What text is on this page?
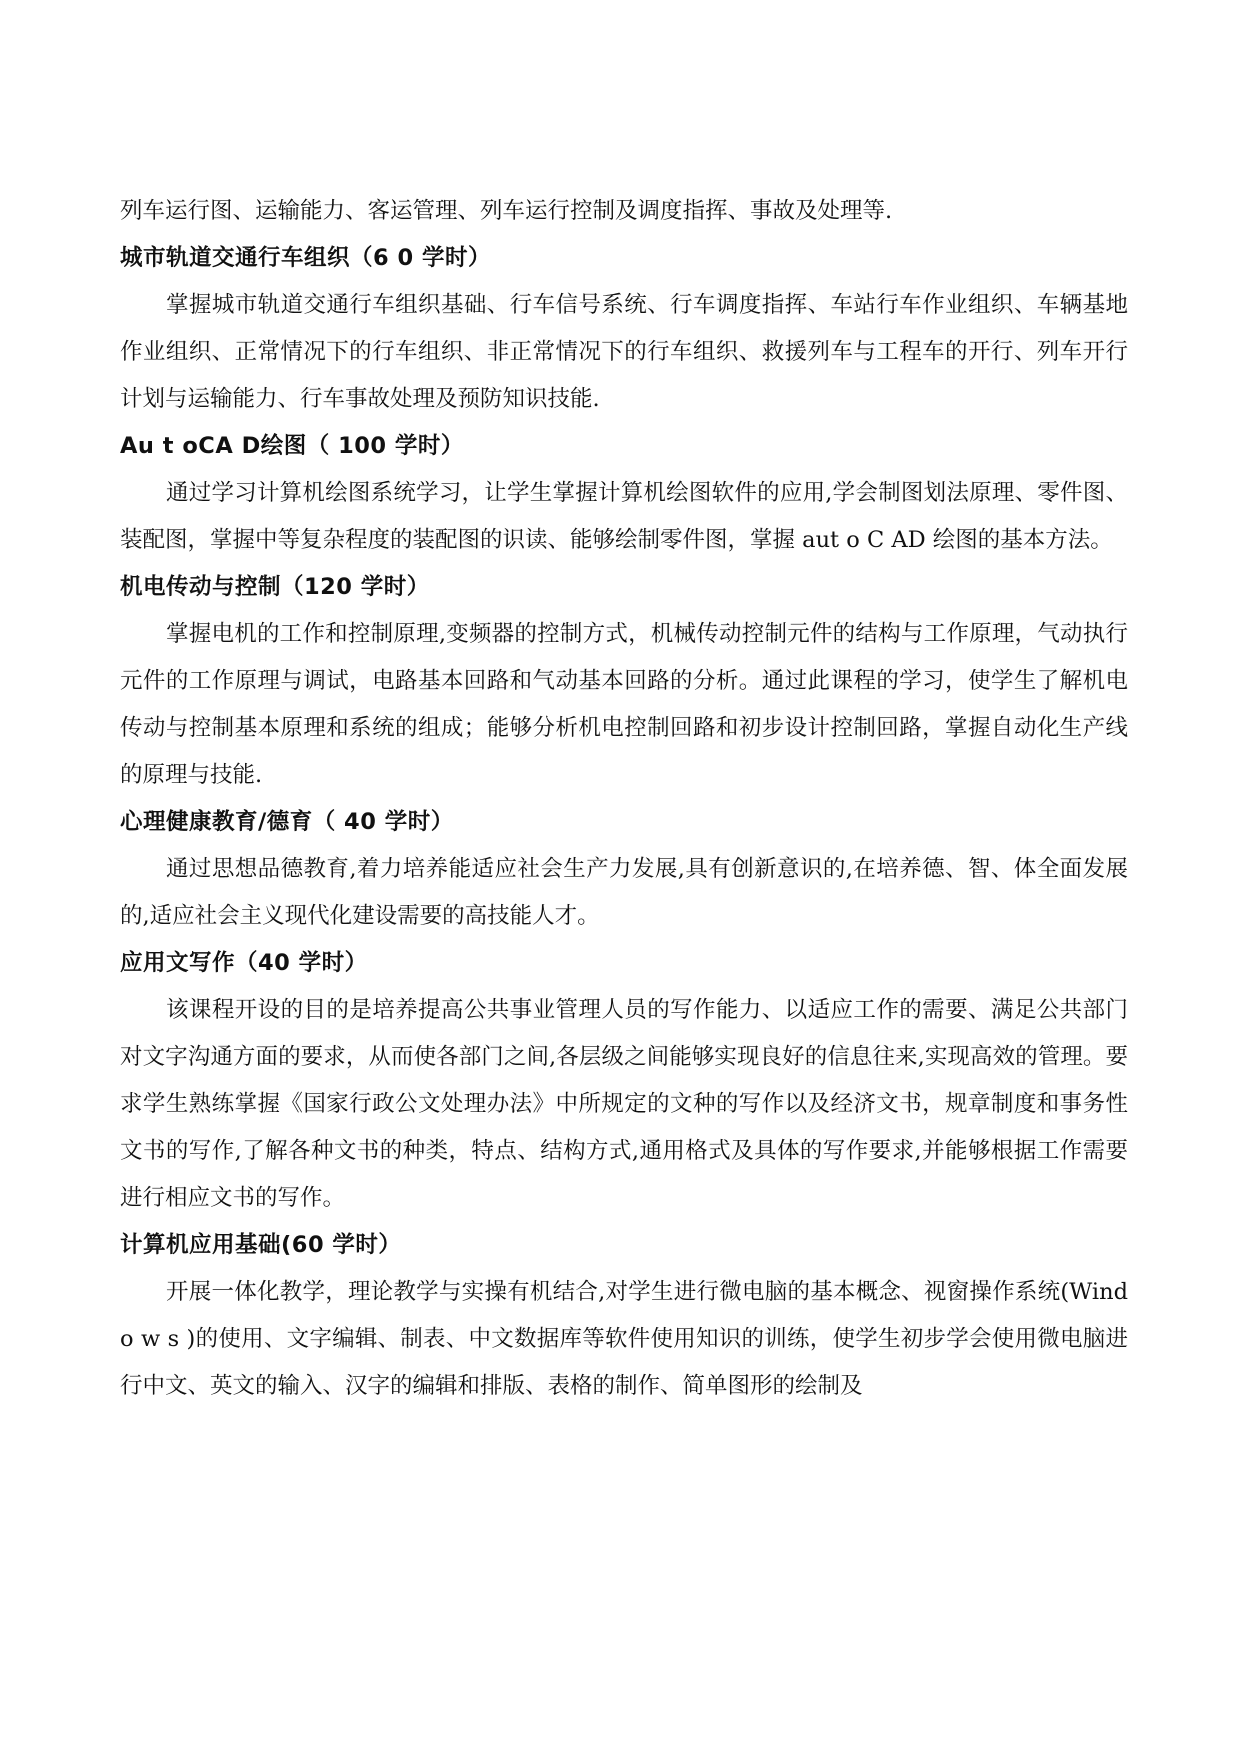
列车运行图、运输能力、客运管理、列车运行控制及调度指挥、事故及处理等.

城市轨道交通行车组织（6 0 学时）

掌握城市轨道交通行车组织基础、行车信号系统、行车调度指挥、车站行车作业组织、车辆基地作业组织、正常情况下的行车组织、非正常情况下的行车组织、救援列车与工程车的开行、列车开行计划与运输能力、行车事故处理及预防知识技能.

Au t oCA D绘图（ 100 学时）

通过学习计算机绘图系统学习，让学生掌握计算机绘图软件的应用,学会制图划法原理、零件图、装配图，掌握中等复杂程度的装配图的识读、能够绘制零件图，掌握 aut o C AD 绘图的基本方法。

机电传动与控制（120 学时）

掌握电机的工作和控制原理,变频器的控制方式，机械传动控制元件的结构与工作原理，气动执行元件的工作原理与调试，电路基本回路和气动基本回路的分析。通过此课程的学习，使学生了解机电传动与控制基本原理和系统的组成；能够分析机电控制回路和初步设计控制回路，掌握自动化生产线的原理与技能.

心理健康教育/德育（ 40 学时）

通过思想品德教育,着力培养能适应社会生产力发展,具有创新意识的,在培养德、智、体全面发展的,适应社会主义现代化建设需要的高技能人才。

应用文写作（40 学时）

该课程开设的目的是培养提高公共事业管理人员的写作能力、以适应工作的需要、满足公共部门对文字沟通方面的要求，从而使各部门之间,各层级之间能够实现良好的信息往来,实现高效的管理。要求学生熟练掌握《国家行政公文处理办法》中所规定的文种的写作以及经济文书，规章制度和事务性文书的写作,了解各种文书的种类，特点、结构方式,通用格式及具体的写作要求,并能够根据工作需要进行相应文书的写作。

计算机应用基础(60 学时）

开展一体化教学，理论教学与实操有机结合,对学生进行微电脑的基本概念、视窗操作系统(Wind o w s )的使用、文字编辑、制表、中文数据库等软件使用知识的训练，使学生初步学会使用微电脑进行中文、英文的输入、汉字的编辑和排版、表格的制作、简单图形的绘制及
